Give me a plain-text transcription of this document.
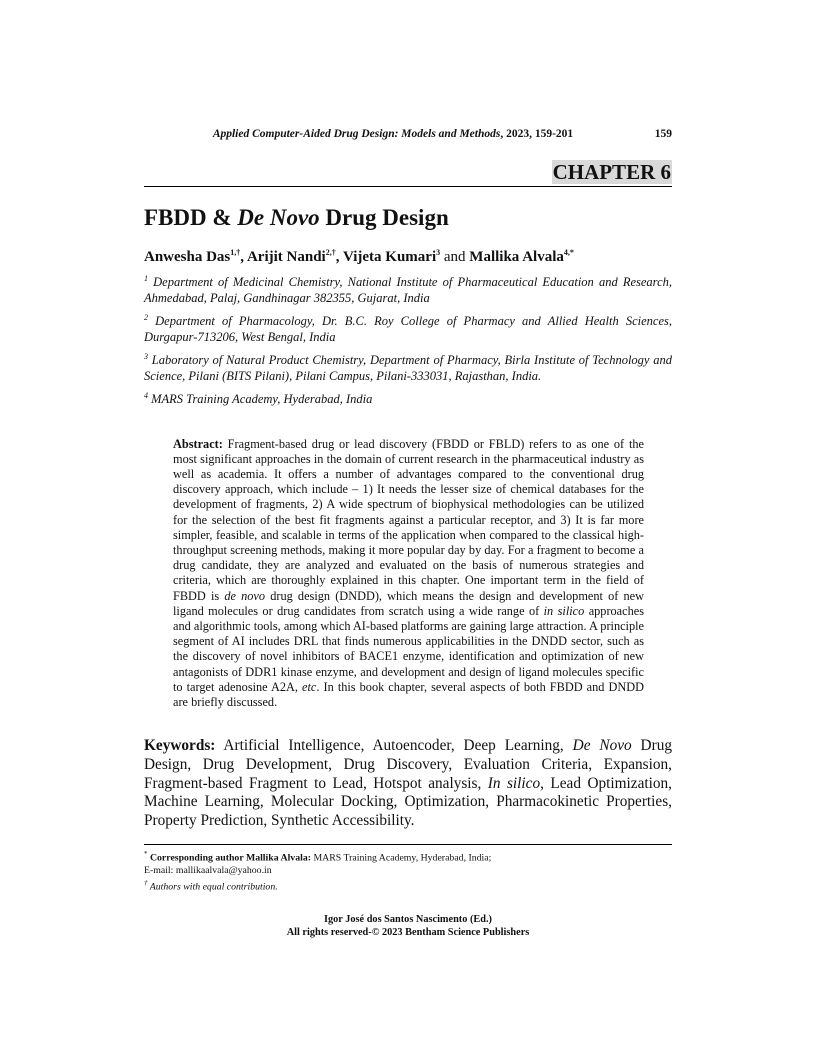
Applied Computer-Aided Drug Design: Models and Methods, 2023, 159-201	159
CHAPTER 6
FBDD & De Novo Drug Design
Anwesha Das$^{1,\dagger}$, Arijit Nandi$^{2,\dagger}$, Vijeta Kumari$^3$ and Mallika Alvala$^{4,*}$
$^1$ Department of Medicinal Chemistry, National Institute of Pharmaceutical Education and Research, Ahmedabad, Palaj, Gandhinagar 382355, Gujarat, India
$^2$ Department of Pharmacology, Dr. B.C. Roy College of Pharmacy and Allied Health Sciences, Durgapur-713206, West Bengal, India
$^3$ Laboratory of Natural Product Chemistry, Department of Pharmacy, Birla Institute of Technology and Science, Pilani (BITS Pilani), Pilani Campus, Pilani-333031, Rajasthan, India.
$^4$ MARS Training Academy, Hyderabad, India
Abstract: Fragment-based drug or lead discovery (FBDD or FBLD) refers to as one of the most significant approaches in the domain of current research in the pharmaceutical industry as well as academia. It offers a number of advantages compared to the conventional drug discovery approach, which include – 1) It needs the lesser size of chemical databases for the development of fragments, 2) A wide spectrum of biophysical methodologies can be utilized for the selection of the best fit fragments against a particular receptor, and 3) It is far more simpler, feasible, and scalable in terms of the application when compared to the classical high-throughput screening methods, making it more popular day by day. For a fragment to become a drug candidate, they are analyzed and evaluated on the basis of numerous strategies and criteria, which are thoroughly explained in this chapter. One important term in the field of FBDD is de novo drug design (DNDD), which means the design and development of new ligand molecules or drug candidates from scratch using a wide range of in silico approaches and algorithmic tools, among which AI-based platforms are gaining large attraction. A principle segment of AI includes DRL that finds numerous applicabilities in the DNDD sector, such as the discovery of novel inhibitors of BACE1 enzyme, identification and optimization of new antagonists of DDR1 kinase enzyme, and development and design of ligand molecules specific to target adenosine A2A, etc. In this book chapter, several aspects of both FBDD and DNDD are briefly discussed.
Keywords: Artificial Intelligence, Autoencoder, Deep Learning, De Novo Drug Design, Drug Development, Drug Discovery, Evaluation Criteria, Expansion, Fragment-based Fragment to Lead, Hotspot analysis, In silico, Lead Optimization, Machine Learning, Molecular Docking, Optimization, Pharmacokinetic Properties, Property Prediction, Synthetic Accessibility.
* Corresponding author Mallika Alvala: MARS Training Academy, Hyderabad, India;
E-mail: mallikaalvala@yahoo.in
† Authors with equal contribution.
Igor José dos Santos Nascimento (Ed.)
All rights reserved-© 2023 Bentham Science Publishers
